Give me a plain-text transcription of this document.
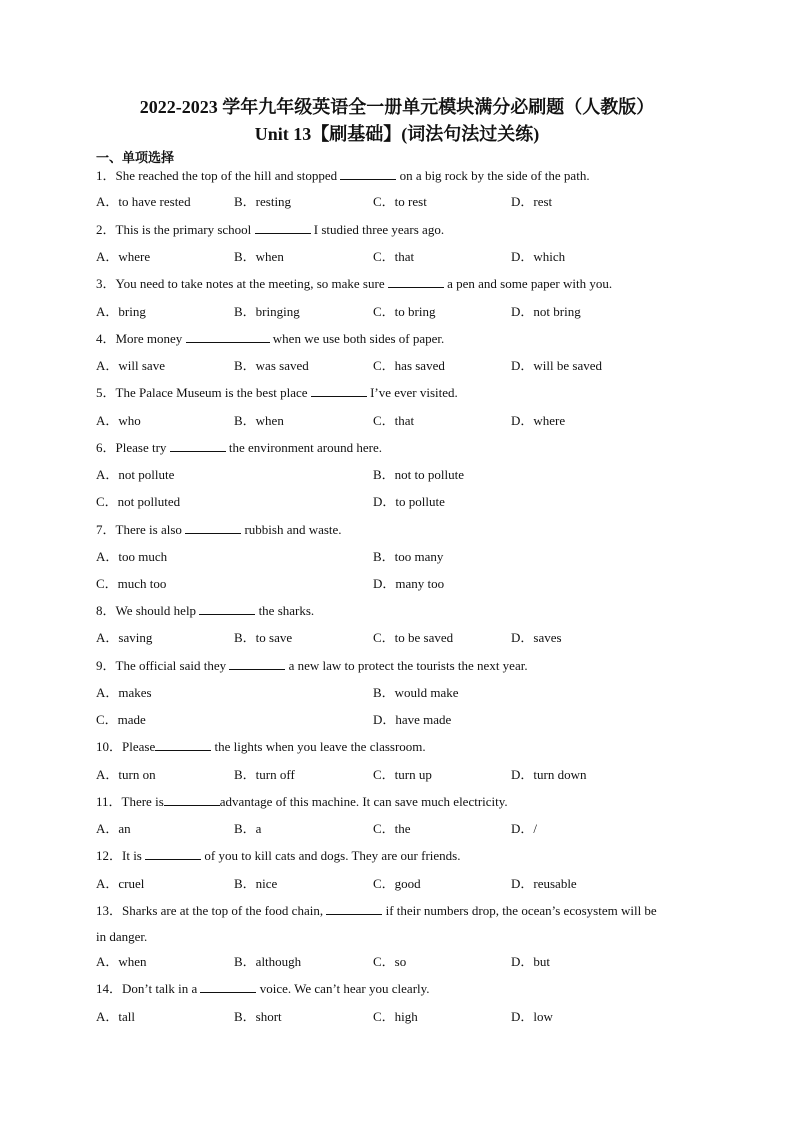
2022-2023 学年九年级英语全一册单元模块满分必刷题（人教版）
Unit 13【刷基础】(词法句法过关练)
一、单项选择
1．She reached the top of the hill and stopped	on a big rock by the side of the path.
A．to have rested	B．resting	C．to rest	D．rest
2．This is the primary school	I studied three years ago.
A．where	B．when	C．that	D．which
3．You need to take notes at the meeting, so make sure	a pen and some paper with you.
A．bring	B．bringing	C．to bring	D．not bring
4．More money	when we use both sides of paper.
A．will save	B．was saved	C．has saved	D．will be saved
5．The Palace Museum is the best place	I’ve ever visited.
A．who	B．when	C．that	D．where
6．Please try	the environment around here.
A．not pollute	B．not to pollute
C．not polluted	D．to pollute
7．There is also	rubbish and waste.
A．too much	B．too many
C．much too	D．many too
8．We should help	the sharks.
A．saving	B．to save	C．to be saved	D．saves
9．The official said they	a new law to protect the tourists the next year.
A．makes	B．would make
C．made	D．have made
10．Please	the lights when you leave the classroom.
A．turn on	B．turn off	C．turn up	D．turn down
11．There is	advantage of this machine. It can save much electricity.
A．an	B．a	C．the	D．/
12．It is	of you to kill cats and dogs. They are our friends.
A．cruel	B．nice	C．good	D．reusable
13．Sharks are at the top of the food chain,	if their numbers drop, the ocean’s ecosystem will be
in danger.
A．when	B．although	C．so	D．but
14．Don’t talk in a	voice. We can’t hear you clearly.
A．tall	B．short	C．high	D．low
